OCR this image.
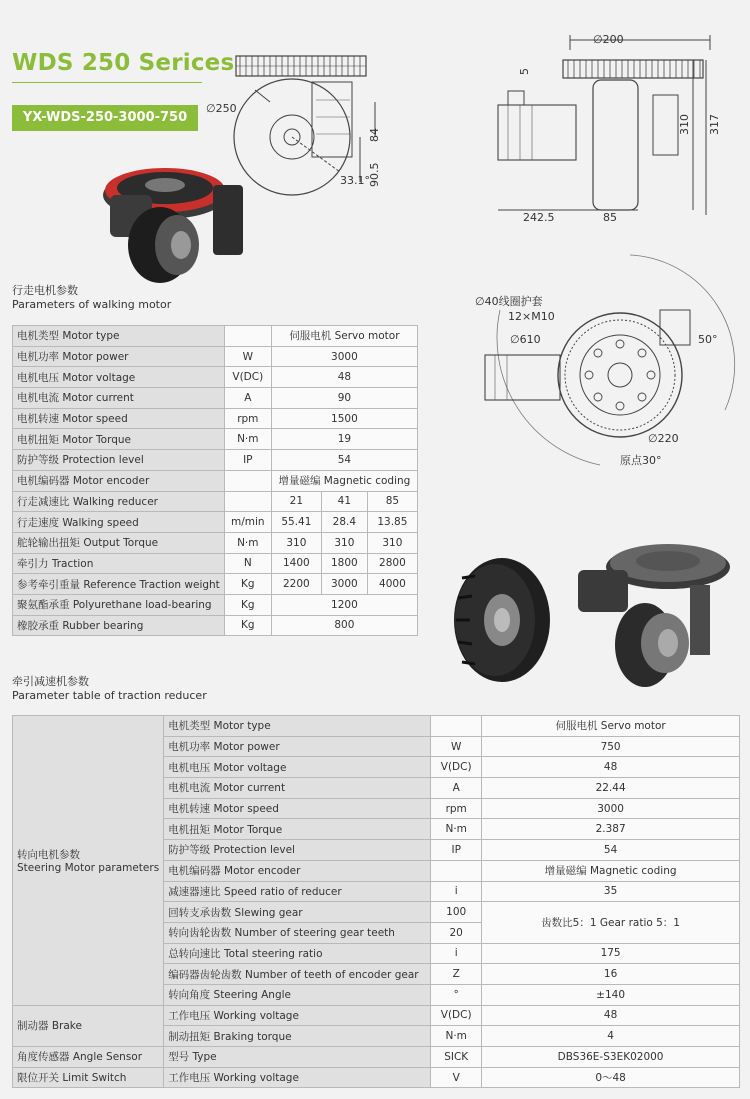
WDS 250 Serices
YX-WDS-250-3000-750
∅250
84
90.5
33.1°
∅200
5
242.5	85
310 317
∅40线圈护套
12×M10
∅610	50°
∅220
原点30°
行走电机参数
Parameters of walking motor
电机类型 Motor type		伺服电机 Servo motor		
电机功率 Motor power	W	3000		
电机电压 Motor voltage	V(DC)	48		
电机电流 Motor current	A	90		
电机转速 Motor speed	rpm	1500		
电机扭矩 Motor Torque	N·m	19		
防护等级 Protection level	IP	54		
电机编码器 Motor encoder		增量磁编 Magnetic coding		
行走减速比 Walking reducer		21	41	85
行走速度 Walking speed	m/min	55.41	28.4	13.85
舵轮输出扭矩 Output Torque	N·m	310	310	310
牵引力 Traction	N	1400	1800	2800
参考牵引重量 Reference Traction weight	Kg	2200	3000	4000
聚氨酯承重 Polyurethane load-bearing	Kg	1200		
橡胶承重 Rubber bearing	Kg	800		
牵引减速机参数
Parameter table of traction reducer
转向电机参数
Steering Motor parameters	电机类型 Motor type		伺服电机 Servo motor
	电机功率 Motor power	W	750
	电机电压 Motor voltage	V(DC)	48
	电机电流 Motor current	A	22.44
	电机转速 Motor speed	rpm	3000
	电机扭矩 Motor Torque	N·m	2.387
	防护等级 Protection level	IP	54
	电机编码器 Motor encoder		增量磁编 Magnetic coding
	减速器速比 Speed ratio of reducer	i	35
	回转支承齿数 Slewing gear	100	齿数比5：1 Gear ratio 5：1
	转向齿轮齿数 Number of steering gear teeth	20	
	总转向速比 Total steering ratio	i	175
	编码器齿轮齿数 Number of teeth of encoder gear	Z	16
	转向角度 Steering Angle	°	±140
制动器 Brake	工作电压 Working voltage	V(DC)	48
	制动扭矩 Braking torque	N·m	4
角度传感器 Angle Sensor	型号 Type	SICK	DBS36E-S3EK02000
限位开关 Limit Switch	工作电压 Working voltage	V	0～48
